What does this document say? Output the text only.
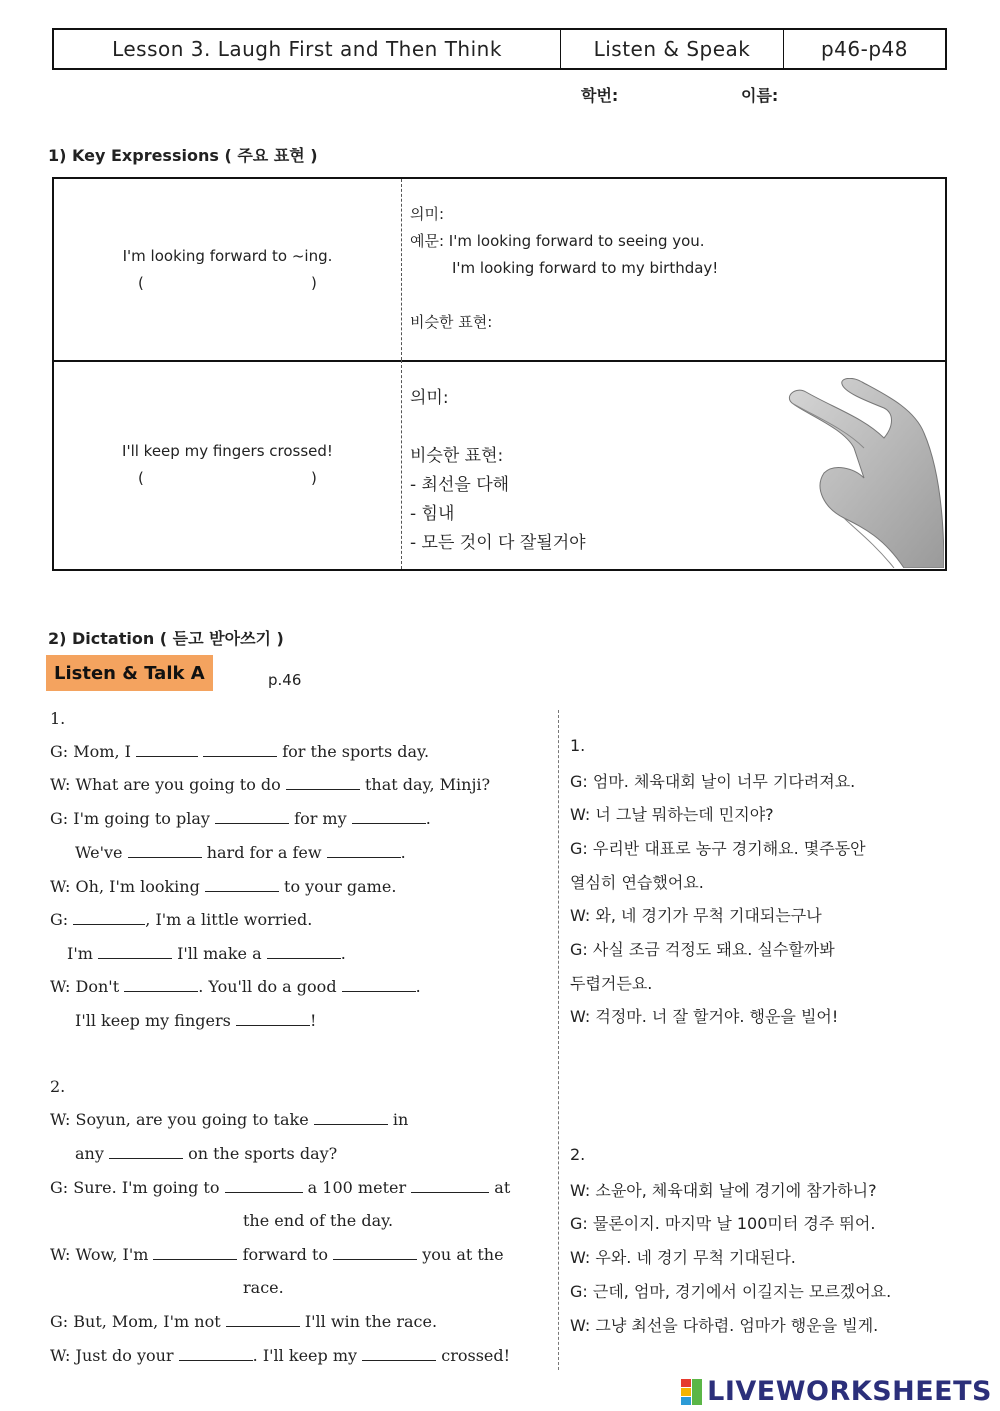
Lesson 3. Laugh First and Then Think	Listen & Speak	p46-p48
학번:	이름:
1) Key Expressions ( 주요 표현 )
I'm looking forward to ~ing.
(	)
의미:
예문: I'm looking forward to seeing you.
I'm looking forward to my birthday!
비슷한 표현:
I'll keep my fingers crossed!
(	)
의미:
비슷한 표현:
- 최선을 다해
- 힘내
- 모든 것이 다 잘될거야
2) Dictation ( 듣고 받아쓰기 )
Listen & Talk A	p.46
1.
G: Mom, I	for the sports day.
W: What are you going to do	that day, Minji?
G: I'm going to play	for my	.
We've	hard for a few	.
W: Oh, I'm looking	to your game.
G:	, I'm a little worried.
I'm	I'll make a	.
W: Don't	. You'll do a good	.
I'll keep my fingers	!
2.
W: Soyun, are you going to take	in
any	on the sports day?
G: Sure. I'm going to	a 100 meter	at
the end of the day.
W: Wow, I'm	forward to	you at the
race.
G: But, Mom, I'm not	I'll win the race.
W: Just do your	. I'll keep my	crossed!
1.
G: 엄마. 체육대회 날이 너무 기다려져요.
W: 너 그날 뭐하는데 민지야?
G: 우리반 대표로 농구 경기해요. 몇주동안
열심히 연습했어요.
W: 와, 네 경기가 무척 기대되는구나
G: 사실 조금 걱정도 돼요. 실수할까봐
두렵거든요.
W: 걱정마. 너 잘 할거야. 행운을 빌어!
2.
W: 소윤아, 체육대회 날에 경기에 참가하니?
G: 물론이지. 마지막 날 100미터 경주 뛰어.
W: 우와. 네 경기 무척 기대된다.
G: 근데, 엄마, 경기에서 이길지는 모르겠어요.
W: 그냥 최선을 다하렴. 엄마가 행운을 빌게.
LIVEWORKSHEETS
